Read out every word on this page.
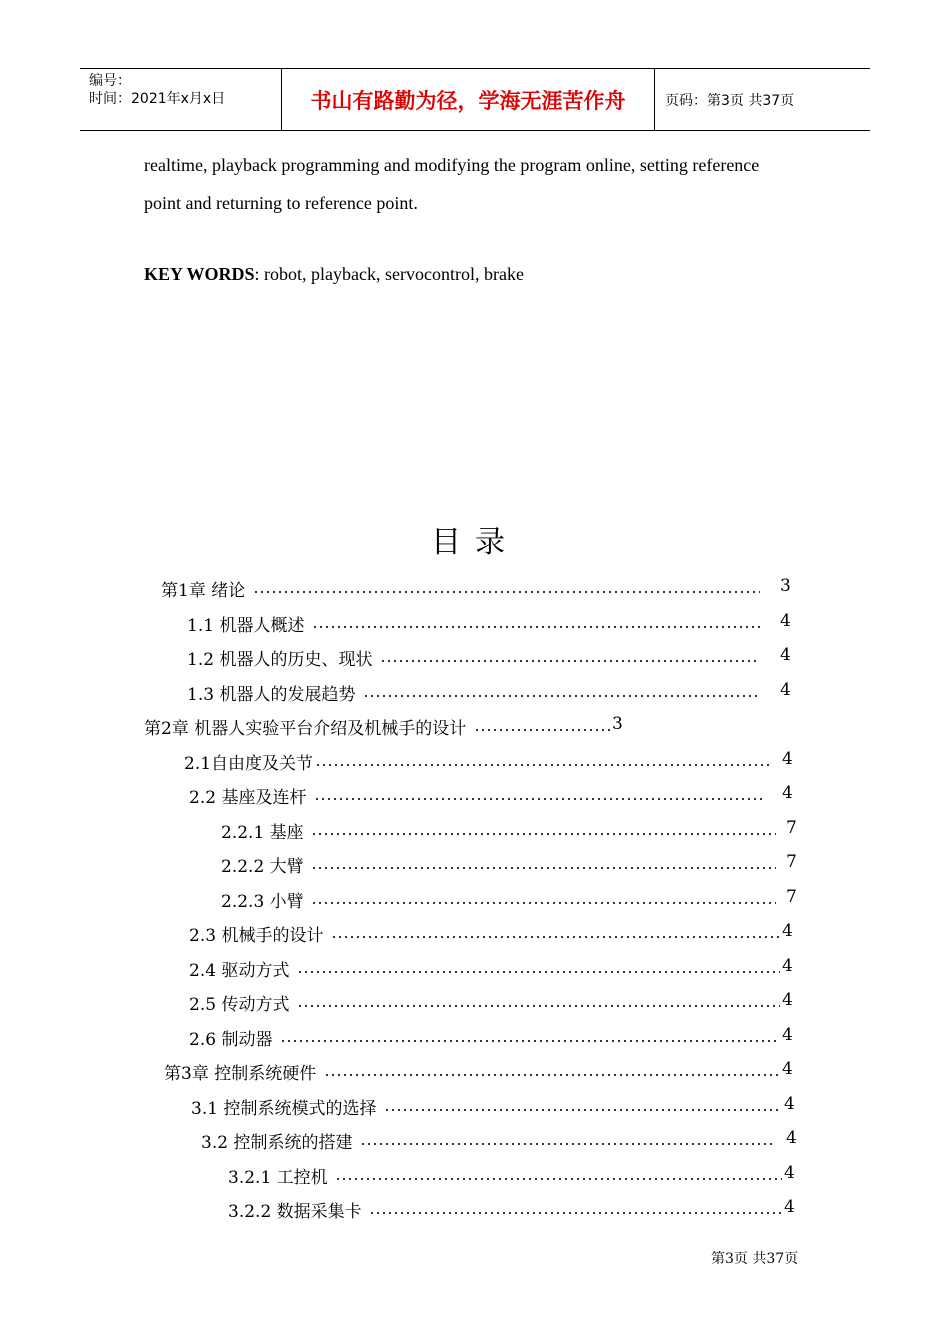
编号：
时间：2021年x月x日	书山有路勤为径，学海无涯苦作舟	页码：第3页 共37页
realtime, playback programming and modifying the program online, setting reference
point and returning to reference point.
KEY WORDS: robot, playback, servocontrol, brake
目录
第1章 绪论	3
1.1 机器人概述	4
1.2 机器人的历史、现状	4
1.3 机器人的发展趋势	4
第2章 机器人实验平台介绍及机械手的设计	3
2.1自由度及关节	4
2.2 基座及连杆	4
2.2.1 基座	7
2.2.2 大臂	7
2.2.3 小臂	7
2.3 机械手的设计	4
2.4 驱动方式	4
2.5 传动方式	4
2.6 制动器	4
第3章 控制系统硬件	4
3.1 控制系统模式的选择	4
3.2 控制系统的搭建	4
3.2.1 工控机	4
3.2.2 数据采集卡	4
第3页 共37页
